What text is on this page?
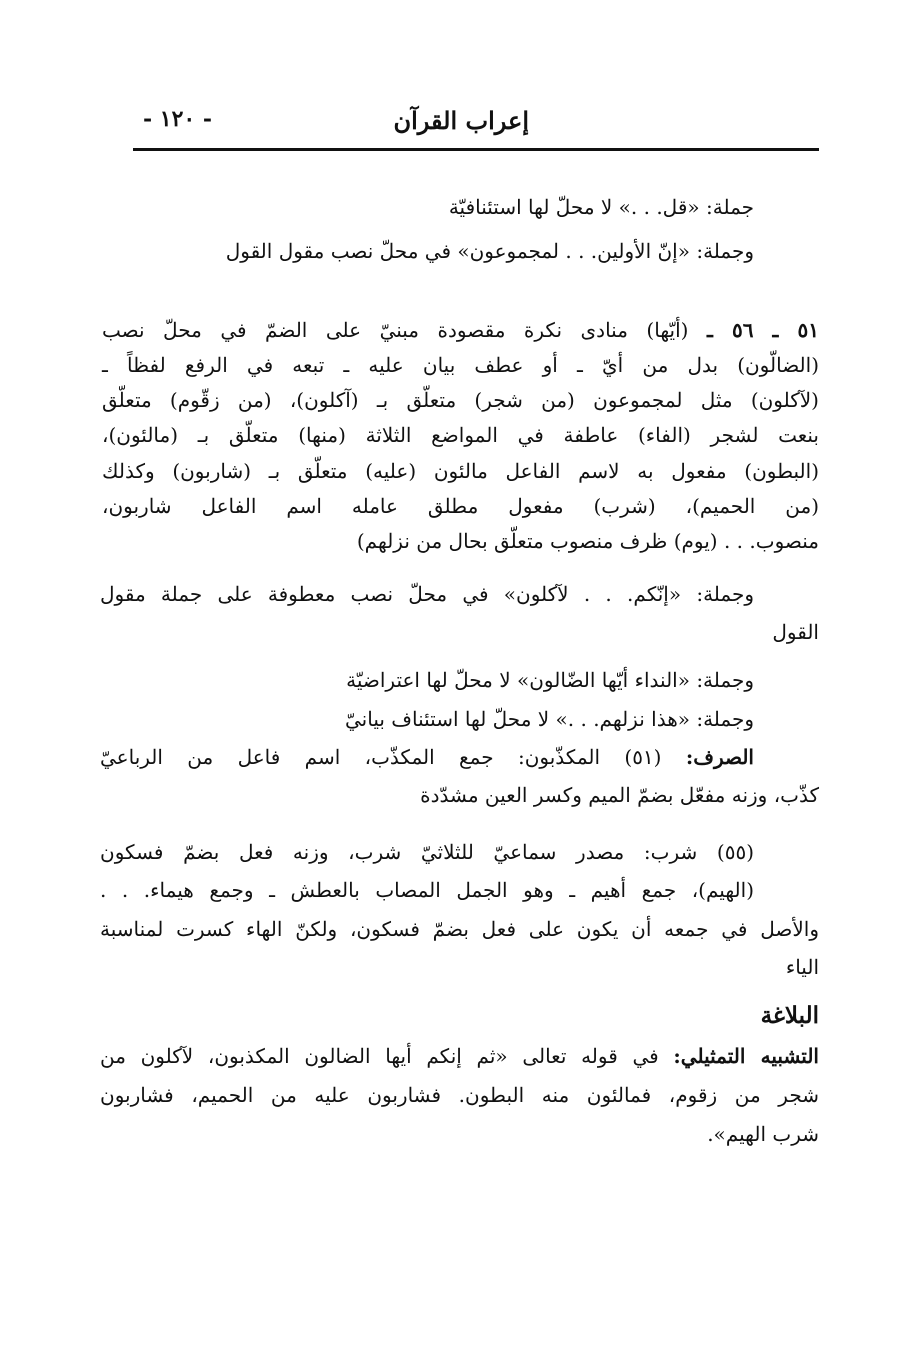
إعراب القرآن
- ١٢٠ -
جملة: «قل. . .» لا محلّ لها استئنافيّة
وجملة: «إنّ الأولين. . . لمجموعون» في محلّ نصب مقول القول
٥١ ـ ٥٦ ـ (أيّها) منادى نكرة مقصودة مبنيّ على الضمّ في محلّ نصب
(الضالّون) بدل من أيّ ـ أو عطف بيان عليه ـ تبعه في الرفع لفظاً ـ
(لآكلون) مثل لمجموعون (من شجر) متعلّق بـ (آكلون)، (من زقّوم) متعلّق
بنعت لشجر (الفاء) عاطفة في المواضع الثلاثة (منها) متعلّق بـ (مالئون)،
(البطون) مفعول به لاسم الفاعل مالئون (عليه) متعلّق بـ (شاربون) وكذلك
(من الحميم)، (شرب) مفعول مطلق عامله اسم الفاعل شاربون،
منصوب. . . (يوم) ظرف منصوب متعلّق بحال من نزلهم)
وجملة: «إنّكم. . . لآكلون» في محلّ نصب معطوفة على جملة مقول
القول
وجملة: «النداء أيّها الضّالون» لا محلّ لها اعتراضيّة
وجملة: «هذا نزلهم. . .» لا محلّ لها استئناف بيانيّ
الصرف: (٥١) المكذّبون: جمع المكذّب، اسم فاعل من الرباعيّ
كذّب، وزنه مفعّل بضمّ الميم وكسر العين مشدّدة
(٥٥) شرب: مصدر سماعيّ للثلاثيّ شرب، وزنه فعل بضمّ فسكون
(الهيم)، جمع أهيم ـ وهو الجمل المصاب بالعطش ـ وجمع هيماء. . .
والأصل في جمعه أن يكون على فعل بضمّ فسكون، ولكنّ الهاء كسرت لمناسبة
الياء
البلاغة
التشبيه التمثيلي: في قوله تعالى «ثم إنكم أيها الضالون المكذبون، لآكلون من
شجر من زقوم، فمالئون منه البطون. فشاربون عليه من الحميم، فشاربون
شرب الهيم».
